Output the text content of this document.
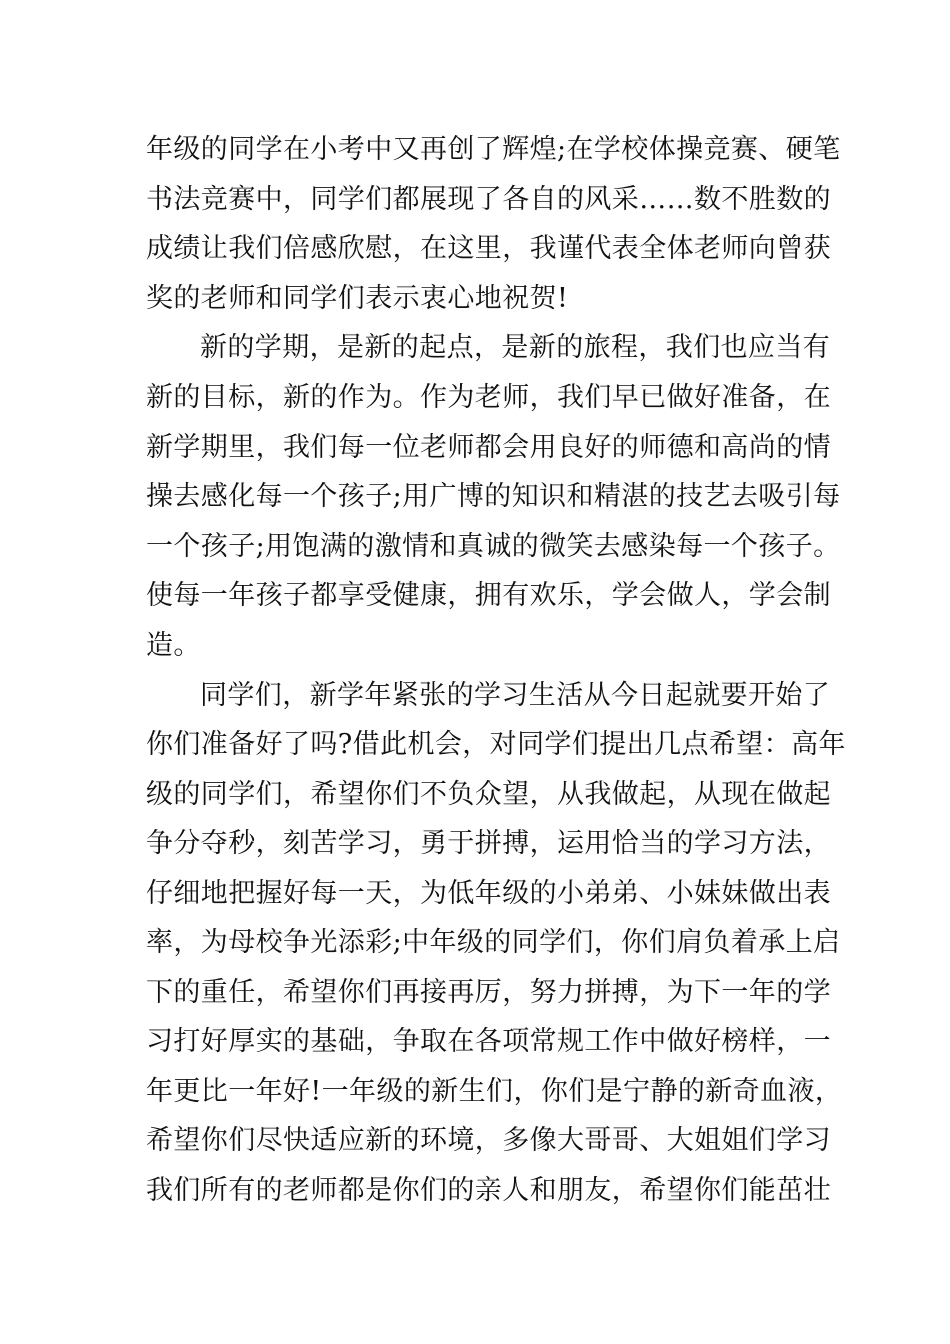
年级的同学在小考中又再创了辉煌;在学校体操竞赛、硬笔
书法竞赛中，同学们都展现了各自的风采……数不胜数的
成绩让我们倍感欣慰，在这里，我谨代表全体老师向曾获
奖的老师和同学们表示衷心地祝贺!
新的学期，是新的起点，是新的旅程，我们也应当有
新的目标，新的作为。作为老师，我们早已做好准备，在
新学期里，我们每一位老师都会用良好的师德和高尚的情
操去感化每一个孩子;用广博的知识和精湛的技艺去吸引每
一个孩子;用饱满的激情和真诚的微笑去感染每一个孩子。
使每一年孩子都享受健康，拥有欢乐，学会做人，学会制
造。
同学们，新学年紧张的学习生活从今日起就要开始了
你们准备好了吗?借此机会，对同学们提出几点希望：高年
级的同学们，希望你们不负众望，从我做起，从现在做起
争分夺秒，刻苦学习，勇于拼搏，运用恰当的学习方法，
仔细地把握好每一天，为低年级的小弟弟、小妹妹做出表
率，为母校争光添彩;中年级的同学们，你们肩负着承上启
下的重任，希望你们再接再厉，努力拼搏，为下一年的学
习打好厚实的基础，争取在各项常规工作中做好榜样，一
年更比一年好!一年级的新生们，你们是宁静的新奇血液，
希望你们尽快适应新的环境，多像大哥哥、大姐姐们学习
我们所有的老师都是你们的亲人和朋友，希望你们能茁壮
